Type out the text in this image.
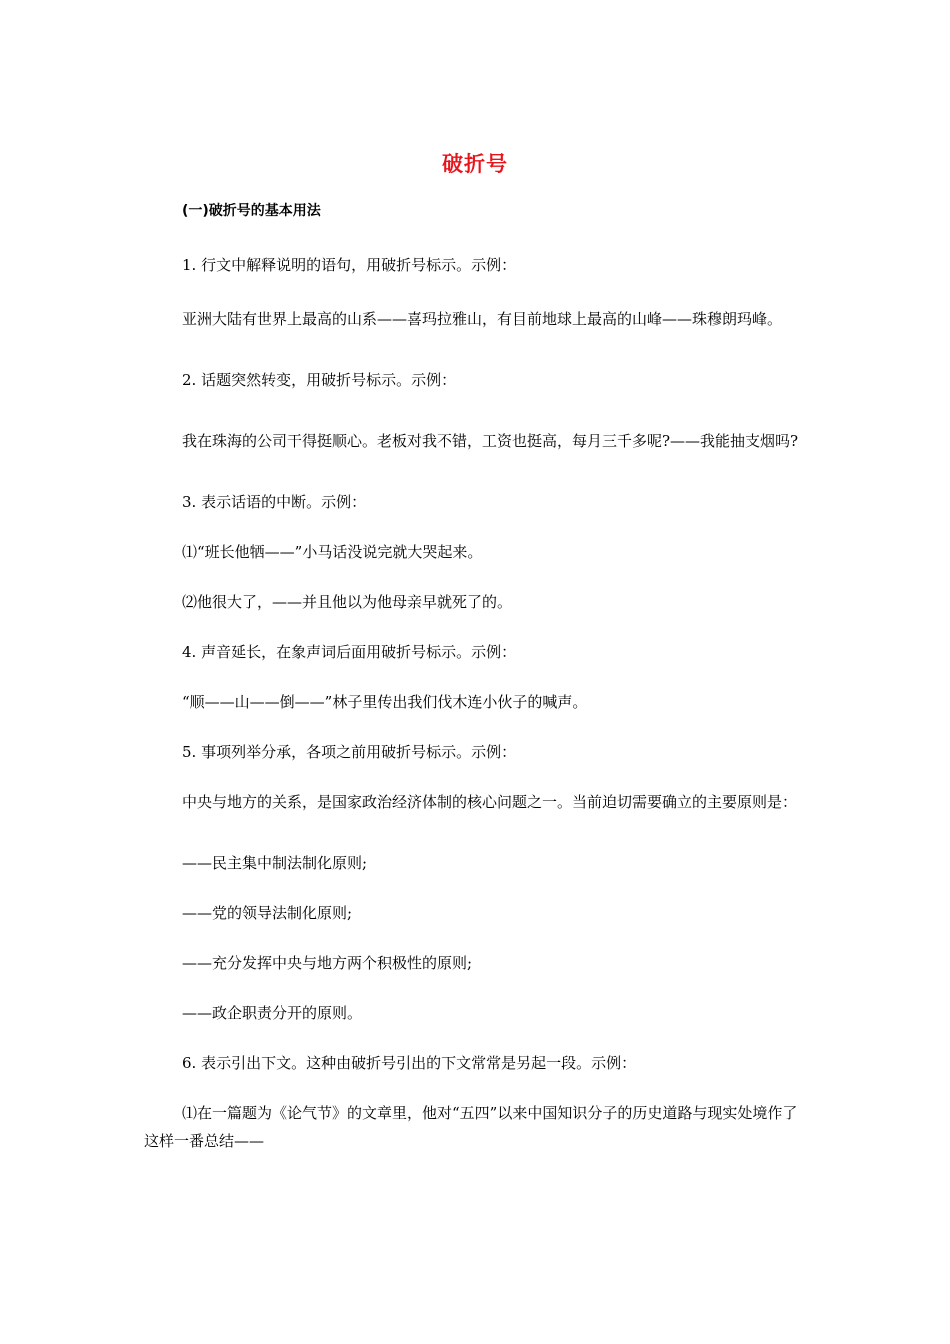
破折号

(一)破折号的基本用法

1. 行文中解释说明的语句，用破折号标示。示例：

亚洲大陆有世界上最高的山系——喜玛拉雅山，有目前地球上最高的山峰——珠穆朗玛峰。

2. 话题突然转变，用破折号标示。示例：

我在珠海的公司干得挺顺心。老板对我不错，工资也挺高，每月三千多呢?——我能抽支烟吗?

3. 表示话语的中断。示例：

⑴“班长他牺——”小马话没说完就大哭起来。

⑵他很大了，——并且他以为他母亲早就死了的。

4. 声音延长，在象声词后面用破折号标示。示例：

“顺——山——倒——”林子里传出我们伐木连小伙子的喊声。

5. 事项列举分承，各项之前用破折号标示。示例：

中央与地方的关系，是国家政治经济体制的核心问题之一。当前迫切需要确立的主要原则是：

——民主集中制法制化原则;

——党的领导法制化原则;

——充分发挥中央与地方两个积极性的原则;

——政企职责分开的原则。

6. 表示引出下文。这种由破折号引出的下文常常是另起一段。示例：

⑴在一篇题为《论气节》的文章里，他对“五四”以来中国知识分子的历史道路与现实处境作了这样一番总结——
